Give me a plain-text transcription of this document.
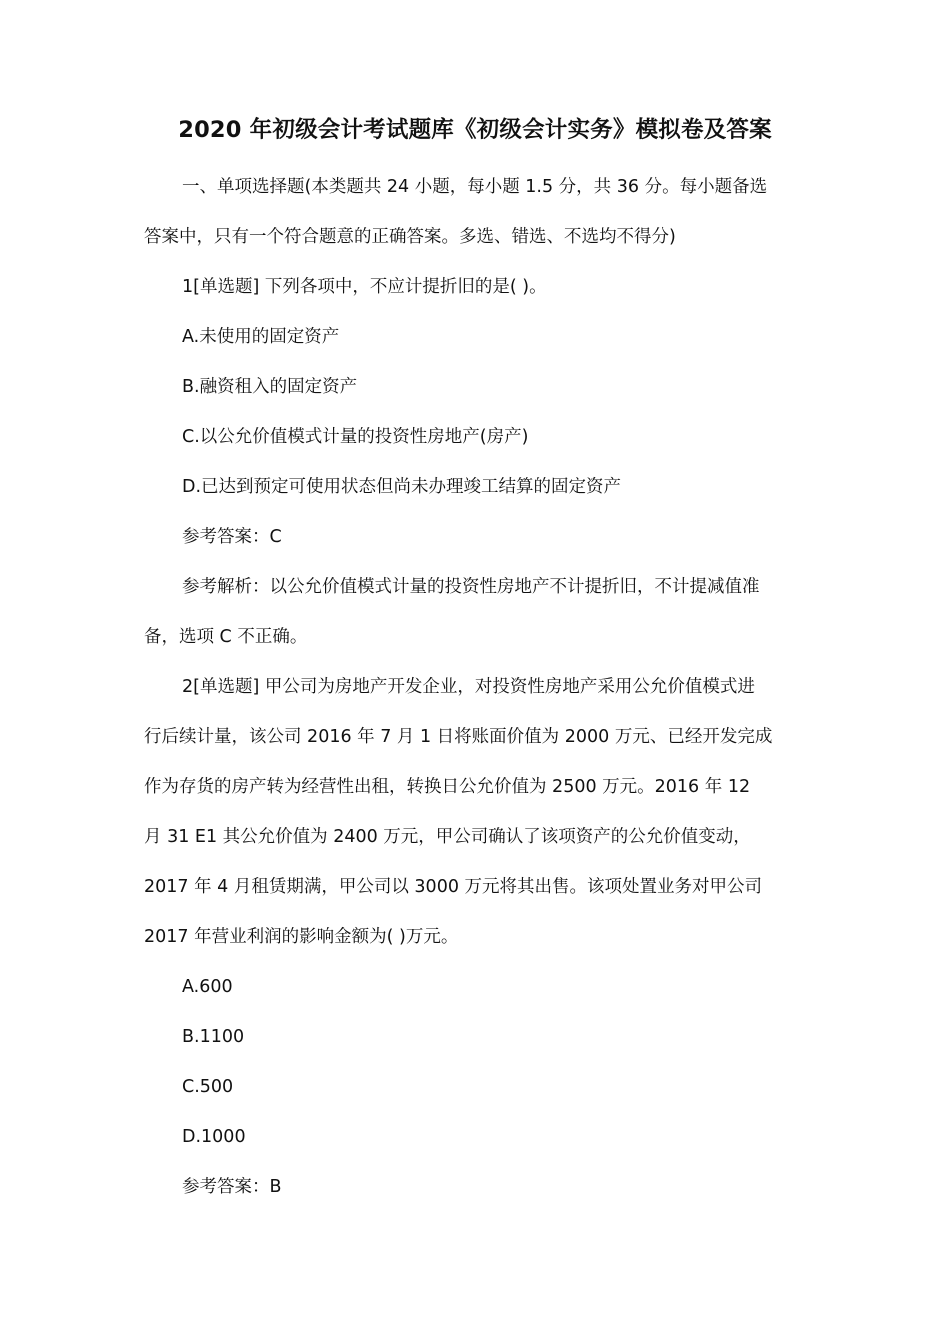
2020 年初级会计考试题库《初级会计实务》模拟卷及答案

一、单项选择题(本类题共 24 小题，每小题 1.5 分，共 36 分。每小题备选

答案中，只有一个符合题意的正确答案。多选、错选、不选均不得分)

1[单选题] 下列各项中，不应计提折旧的是( )。

A.未使用的固定资产

B.融资租入的固定资产

C.以公允价值模式计量的投资性房地产(房产)

D.已达到预定可使用状态但尚未办理竣工结算的固定资产

参考答案：C

参考解析：以公允价值模式计量的投资性房地产不计提折旧，不计提减值准

备，选项 C 不正确。

2[单选题] 甲公司为房地产开发企业，对投资性房地产采用公允价值模式进

行后续计量，该公司 2016 年 7 月 1 日将账面价值为 2000 万元、已经开发完成

作为存货的房产转为经营性出租，转换日公允价值为 2500 万元。2016 年 12

月 31 E1 其公允价值为 2400 万元，甲公司确认了该项资产的公允价值变动，

2017 年 4 月租赁期满，甲公司以 3000 万元将其出售。该项处置业务对甲公司

2017 年营业利润的影响金额为( )万元。

A.600

B.1100

C.500

D.1000

参考答案：B
